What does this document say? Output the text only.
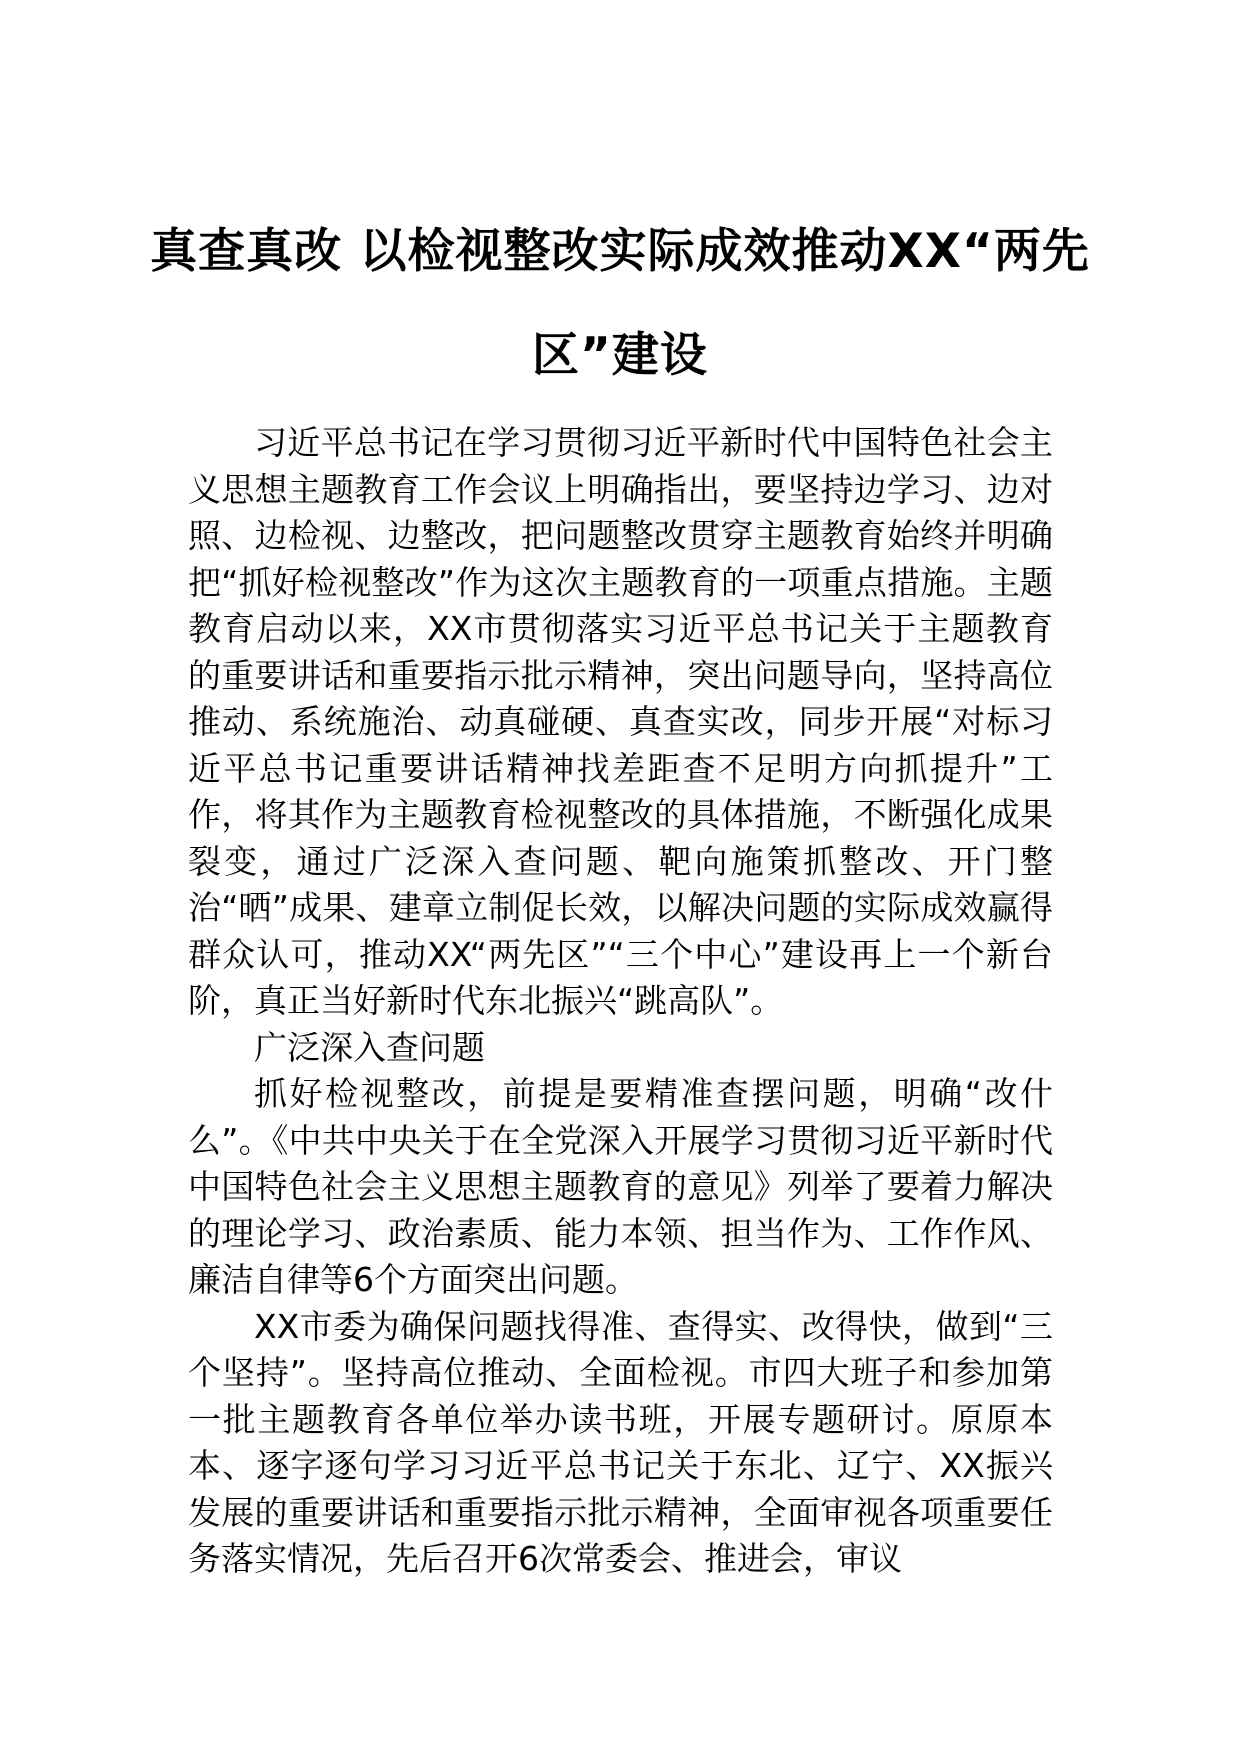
真查真改 以检视整改实际成效推动XX“两先区”建设

习近平总书记在学习贯彻习近平新时代中国特色社会主义思想主题教育工作会议上明确指出，要坚持边学习、边对照、边检视、边整改，把问题整改贯穿主题教育始终并明确把“抓好检视整改”作为这次主题教育的一项重点措施。主题教育启动以来，XX市贯彻落实习近平总书记关于主题教育的重要讲话和重要指示批示精神，突出问题导向，坚持高位推动、系统施治、动真碰硬、真查实改，同步开展“对标习近平总书记重要讲话精神找差距查不足明方向抓提升”工作，将其作为主题教育检视整改的具体措施，不断强化成果裂变，通过广泛深入查问题、靶向施策抓整改、开门整治“晒”成果、建章立制促长效，以解决问题的实际成效赢得群众认可，推动XX“两先区”“三个中心”建设再上一个新台阶，真正当好新时代东北振兴“跳高队”。

广泛深入查问题

抓好检视整改，前提是要精准查摆问题，明确“改什么”。《中共中央关于在全党深入开展学习贯彻习近平新时代中国特色社会主义思想主题教育的意见》列举了要着力解决的理论学习、政治素质、能力本领、担当作为、工作作风、廉洁自律等6个方面突出问题。

XX市委为确保问题找得准、查得实、改得快，做到“三个坚持”。坚持高位推动、全面检视。市四大班子和参加第一批主题教育各单位举办读书班，开展专题研讨。原原本本、逐字逐句学习习近平总书记关于东北、辽宁、XX振兴发展的重要讲话和重要指示批示精神，全面审视各项重要任务落实情况，先后召开6次常委会、推进会，审议
